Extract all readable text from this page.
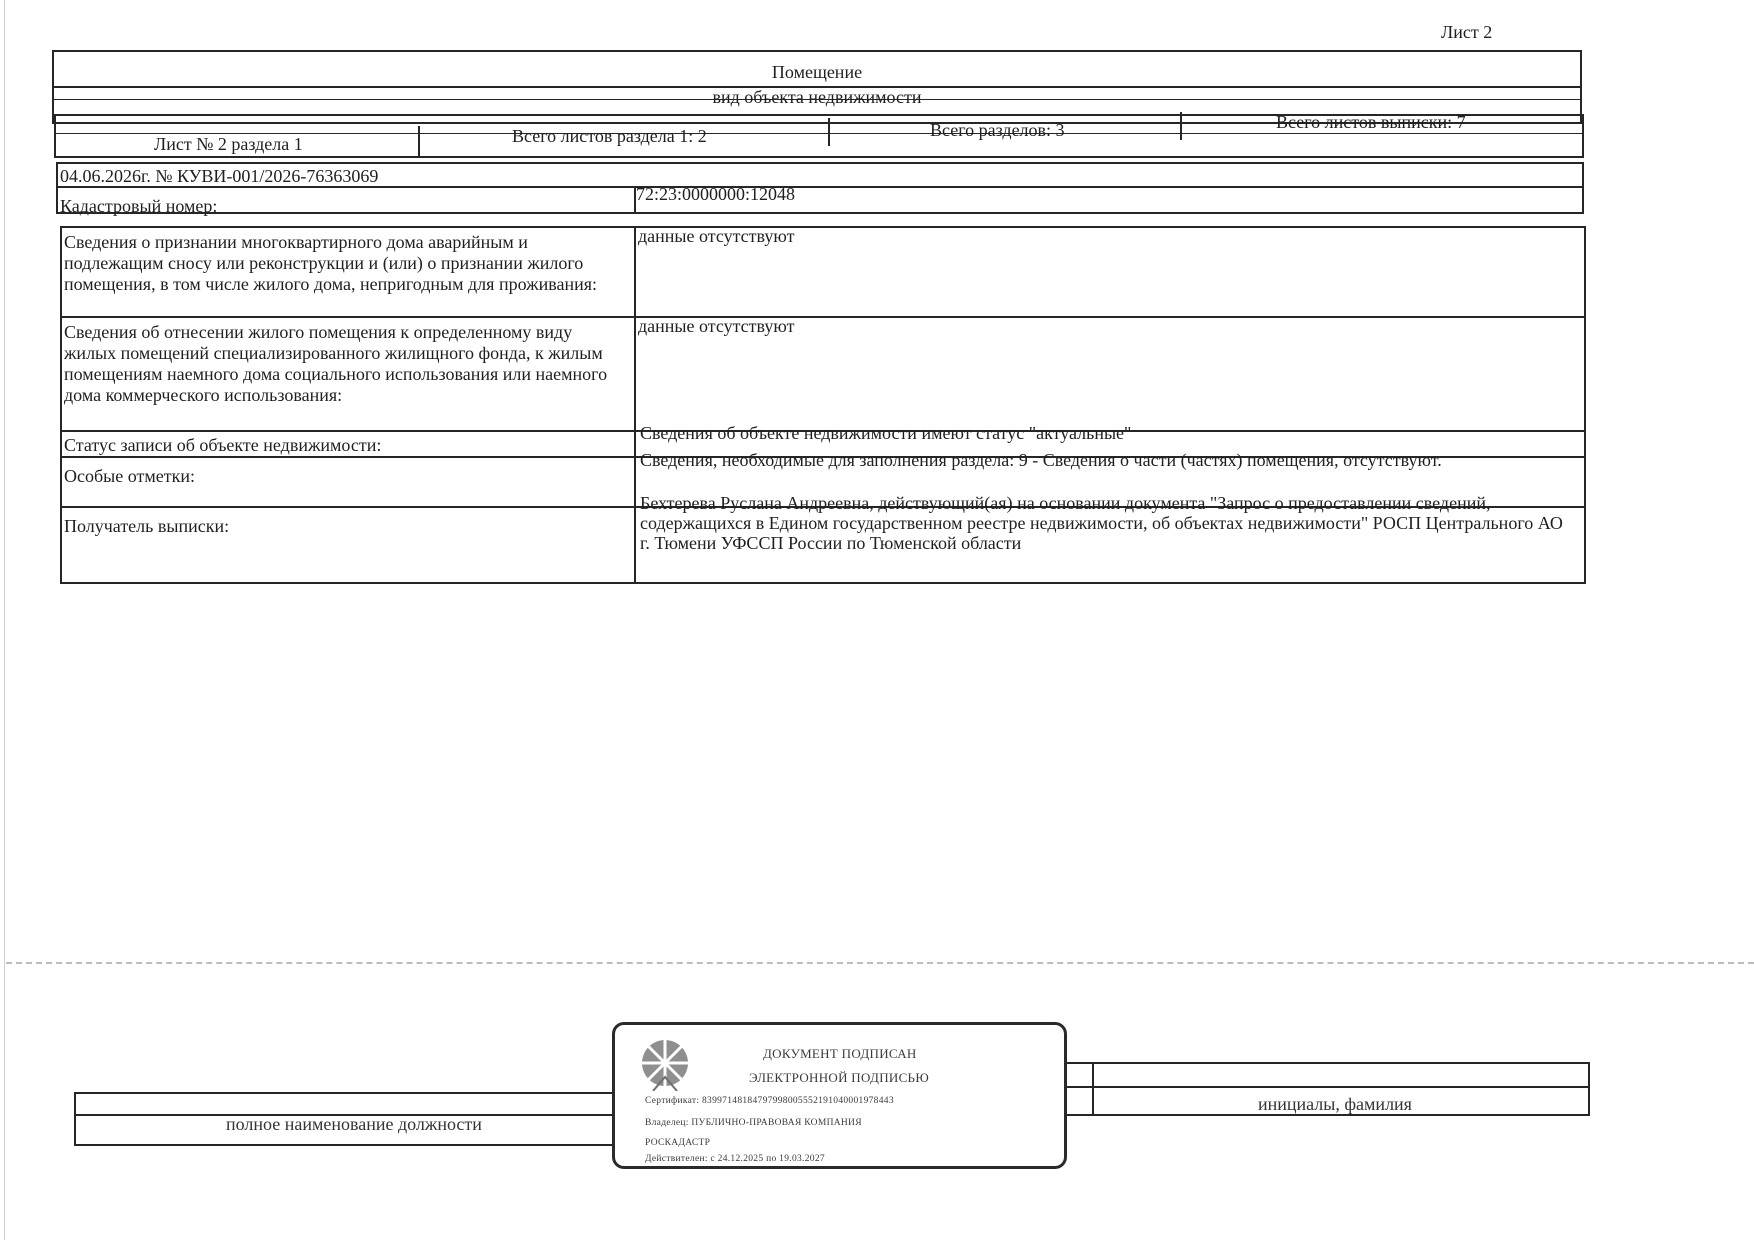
Лист 2
Помещение
вид объекта недвижимости
Лист № 2 раздела 1	Всего листов раздела 1: 2	Всего разделов: 3	Всего листов выписки: 7
04.06.2026г. № КУВИ-001/2026-76363069
Кадастровый номер:
72:23:0000000:12048
Сведения о признании многоквартирного дома аварийным и подлежащим сносу или реконструкции и (или) о признании жилого помещения, в том числе жилого дома, непригодным для проживания:
данные отсутствуют
Сведения об отнесении жилого помещения к определенному виду жилых помещений специализированного жилищного фонда, к жилым помещениям наемного дома социального использования или наемного дома коммерческого использования:
данные отсутствуют
Статус записи об объекте недвижимости:
Сведения об объекте недвижимости имеют статус "актуальные"
Особые отметки:
Сведения, необходимые для заполнения раздела: 9 - Сведения о части (частях) помещения, отсутствуют.
Получатель выписки:
Бехтерева Руслана Андреевна, действующий(ая) на основании документа "Запрос о предоставлении сведений, содержащихся в Едином государственном реестре недвижимости, об объектах недвижимости" РОСП Центрального АО г. Тюмени УФССП России по Тюменской области
полное наименование должности
инициалы, фамилия
ДОКУМЕНТ ПОДПИСАН
ЭЛЕКТРОННОЙ ПОДПИСЬЮ
Сертификат: 83997148184797998005552191040001978443
Владелец: ПУБЛИЧНО-ПРАВОВАЯ КОМПАНИЯ
РОСКАДАСТР
Действителен: с 24.12.2025 по 19.03.2027
